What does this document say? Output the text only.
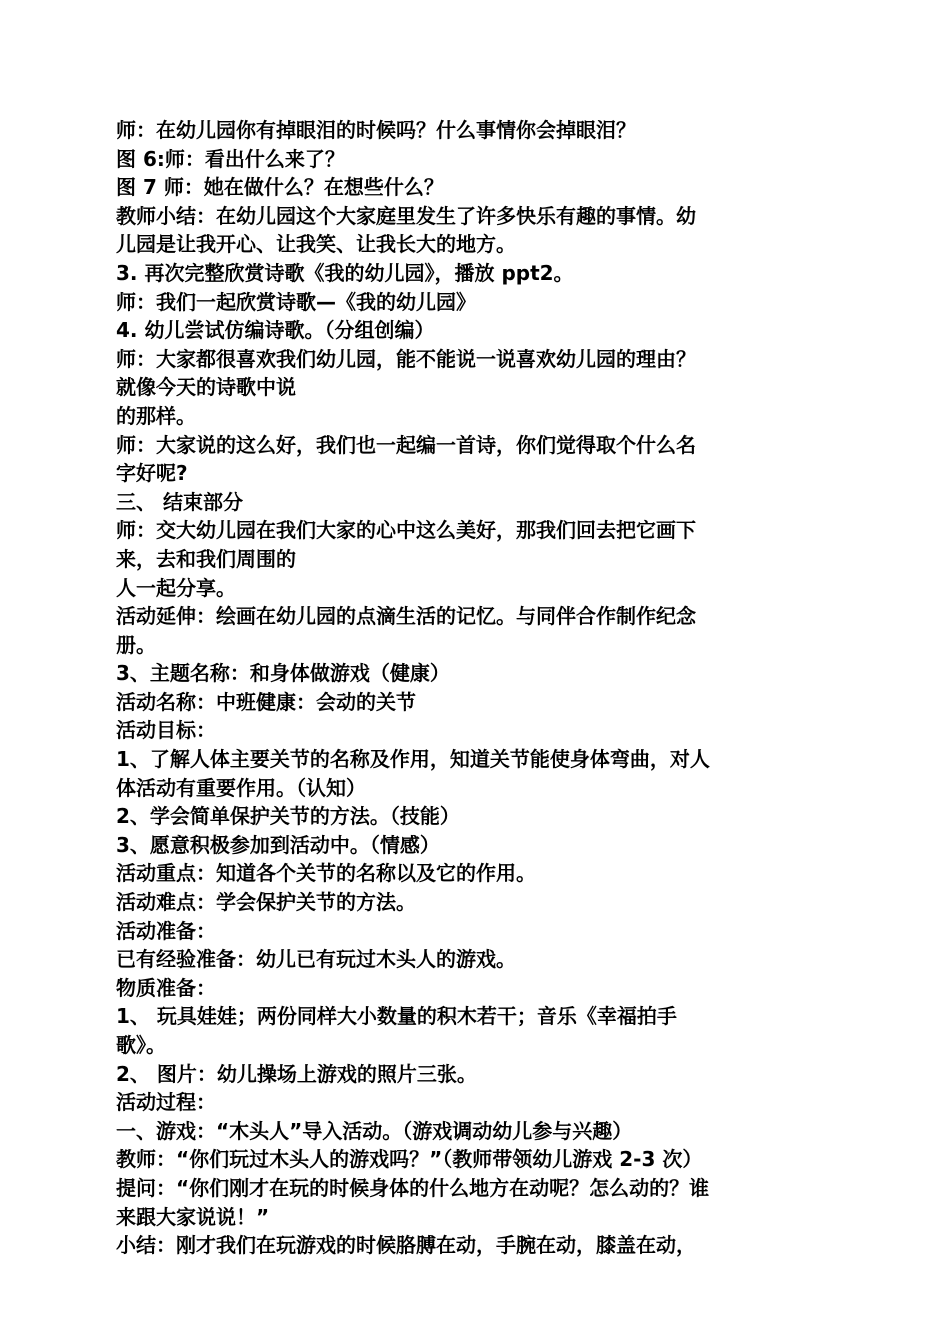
师：在幼儿园你有掉眼泪的时候吗？什么事情你会掉眼泪？
图 6:师：看出什么来了？
图 7 师：她在做什么？在想些什么？
教师小结：在幼儿园这个大家庭里发生了许多快乐有趣的事情。幼
儿园是让我开心、让我笑、让我长大的地方。
3. 再次完整欣赏诗歌《我的幼儿园》，播放 ppt2。
师：我们一起欣赏诗歌—《我的幼儿园》
4. 幼儿尝试仿编诗歌。（分组创编）
师：大家都很喜欢我们幼儿园，能不能说一说喜欢幼儿园的理由？
就像今天的诗歌中说
的那样。
师：大家说的这么好，我们也一起编一首诗，你们觉得取个什么名
字好呢?
三、 结束部分
师：交大幼儿园在我们大家的心中这么美好，那我们回去把它画下
来，去和我们周围的
人一起分享。
活动延伸：绘画在幼儿园的点滴生活的记忆。与同伴合作制作纪念
册。
3、主题名称：和身体做游戏（健康）
活动名称：中班健康：会动的关节
活动目标：
1、了解人体主要关节的名称及作用，知道关节能使身体弯曲，对人
体活动有重要作用。（认知）
2、学会简单保护关节的方法。（技能）
3、愿意积极参加到活动中。（情感）
活动重点：知道各个关节的名称以及它的作用。
活动难点：学会保护关节的方法。
活动准备：
已有经验准备：幼儿已有玩过木头人的游戏。
物质准备：
1、 玩具娃娃；两份同样大小数量的积木若干；音乐《幸福拍手
歌》。
2、 图片：幼儿操场上游戏的照片三张。
活动过程：
一、游戏：“木头人”导入活动。（游戏调动幼儿参与兴趣）
教师：“你们玩过木头人的游戏吗？”（教师带领幼儿游戏 2-3 次）
提问：“你们刚才在玩的时候身体的什么地方在动呢？怎么动的？谁
来跟大家说说！”
小结：刚才我们在玩游戏的时候胳膊在动，手腕在动，膝盖在动，
